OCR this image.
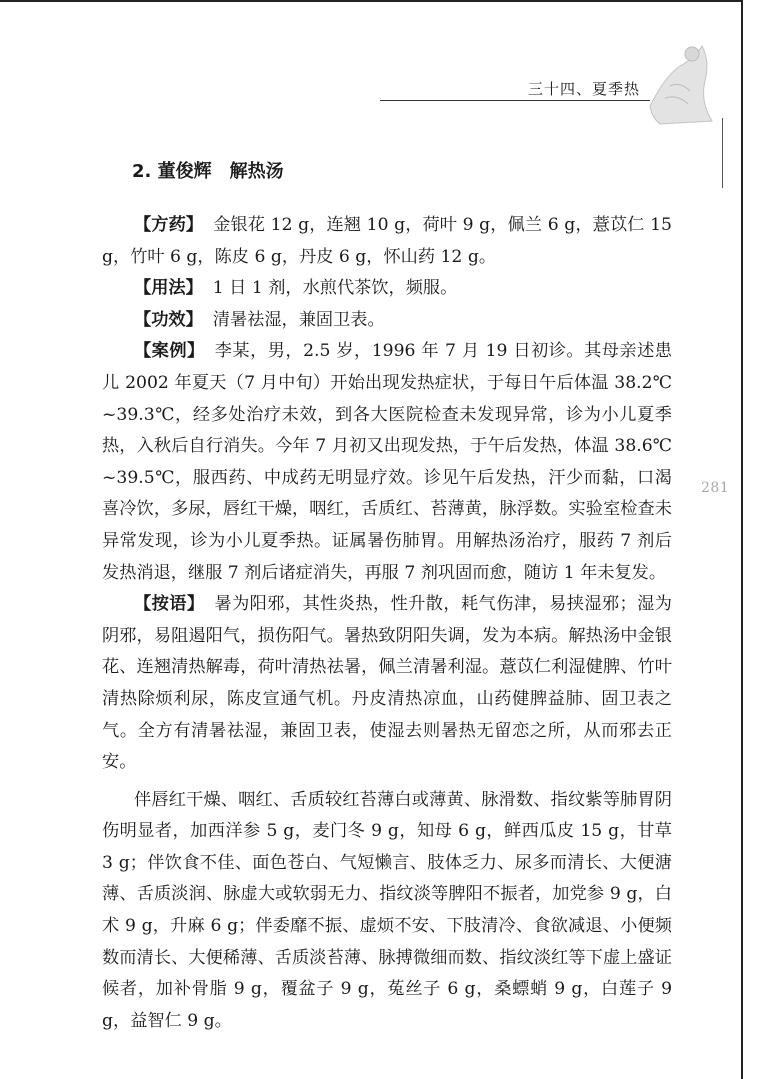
三十四、夏季热
281
2. 董俊辉　解热汤

【方药】 金银花 12 g，连翘 10 g，荷叶 9 g，佩兰 6 g，薏苡仁 15 g，竹叶 6 g，陈皮 6 g，丹皮 6 g，怀山药 12 g。

【用法】 1 日 1 剂，水煎代茶饮，频服。

【功效】 清暑祛湿，兼固卫表。

【案例】 李某，男，2.5 岁，1996 年 7 月 19 日初诊。其母亲述患儿 2002 年夏天（7 月中旬）开始出现发热症状，于每日午后体温 38.2℃ ~39.3℃，经多处治疗未效，到各大医院检查未发现异常，诊为小儿夏季热，入秋后自行消失。今年 7 月初又出现发热，于午后发热，体温 38.6℃ ~39.5℃，服西药、中成药无明显疗效。诊见午后发热，汗少而黏，口渴喜冷饮，多尿，唇红干燥，咽红，舌质红、苔薄黄，脉浮数。实验室检查未异常发现，诊为小儿夏季热。证属暑伤肺胃。用解热汤治疗，服药 7 剂后发热消退，继服 7 剂后诸症消失，再服 7 剂巩固而愈，随访 1 年未复发。

【按语】 暑为阳邪，其性炎热，性升散，耗气伤津，易挟湿邪；湿为阴邪，易阻遏阳气，损伤阳气。暑热致阴阳失调，发为本病。解热汤中金银花、连翘清热解毒，荷叶清热祛暑，佩兰清暑利湿。薏苡仁利湿健脾、竹叶清热除烦利尿，陈皮宣通气机。丹皮清热凉血，山药健脾益肺、固卫表之气。全方有清暑祛湿，兼固卫表，使湿去则暑热无留恋之所，从而邪去正安。

伴唇红干燥、咽红、舌质较红苔薄白或薄黄、脉滑数、指纹紫等肺胃阴伤明显者，加西洋参 5 g，麦门冬 9 g，知母 6 g，鲜西瓜皮 15 g，甘草 3 g；伴饮食不佳、面色苍白、气短懒言、肢体乏力、尿多而清长、大便溏薄、舌质淡润、脉虚大或软弱无力、指纹淡等脾阳不振者，加党参 9 g，白术 9 g，升麻 6 g；伴委靡不振、虚烦不安、下肢清冷、食欲减退、小便频数而清长、大便稀薄、舌质淡苔薄、脉搏微细而数、指纹淡红等下虚上盛证候者，加补骨脂 9 g，覆盆子 9 g，菟丝子 6 g，桑螵蛸 9 g，白莲子 9 g，益智仁 9 g。
